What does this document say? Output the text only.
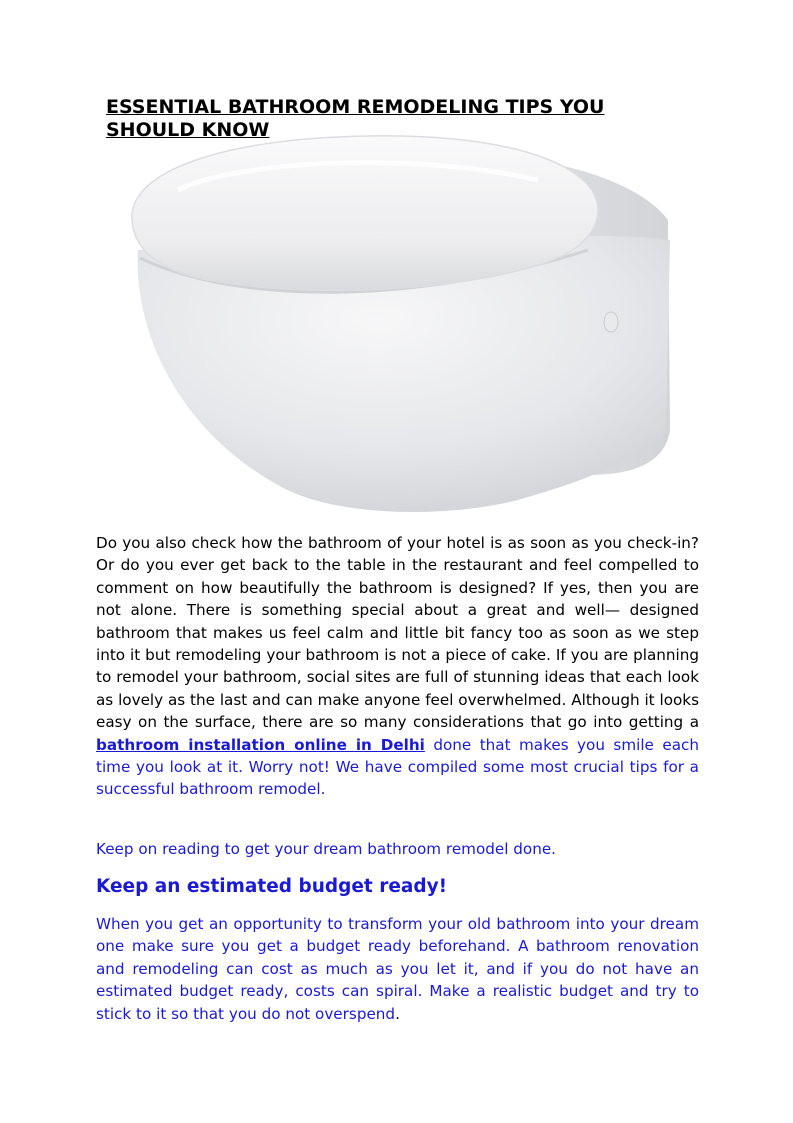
ESSENTIAL BATHROOM REMODELING TIPS YOU SHOULD KNOW

Do you also check how the bathroom of your hotel is as soon as you check-in? Or do you ever get back to the table in the restaurant and feel compelled to comment on how beautifully the bathroom is designed? If yes, then you are not alone. There is something special about a great and well— designed bathroom that makes us feel calm and little bit fancy too as soon as we step into it but remodeling your bathroom is not a piece of cake. If you are planning to remodel your bathroom, social sites are full of stunning ideas that each look as lovely as the last and can make anyone feel overwhelmed. Although it looks easy on the surface, there are so many considerations that go into getting a bathroom installation online in Delhi done that makes you smile each time you look at it. Worry not! We have compiled some most crucial tips for a successful bathroom remodel.

Keep on reading to get your dream bathroom remodel done.

Keep an estimated budget ready!

When you get an opportunity to transform your old bathroom into your dream one make sure you get a budget ready beforehand. A bathroom renovation and remodeling can cost as much as you let it, and if you do not have an estimated budget ready, costs can spiral. Make a realistic budget and try to stick to it so that you do not overspend.
